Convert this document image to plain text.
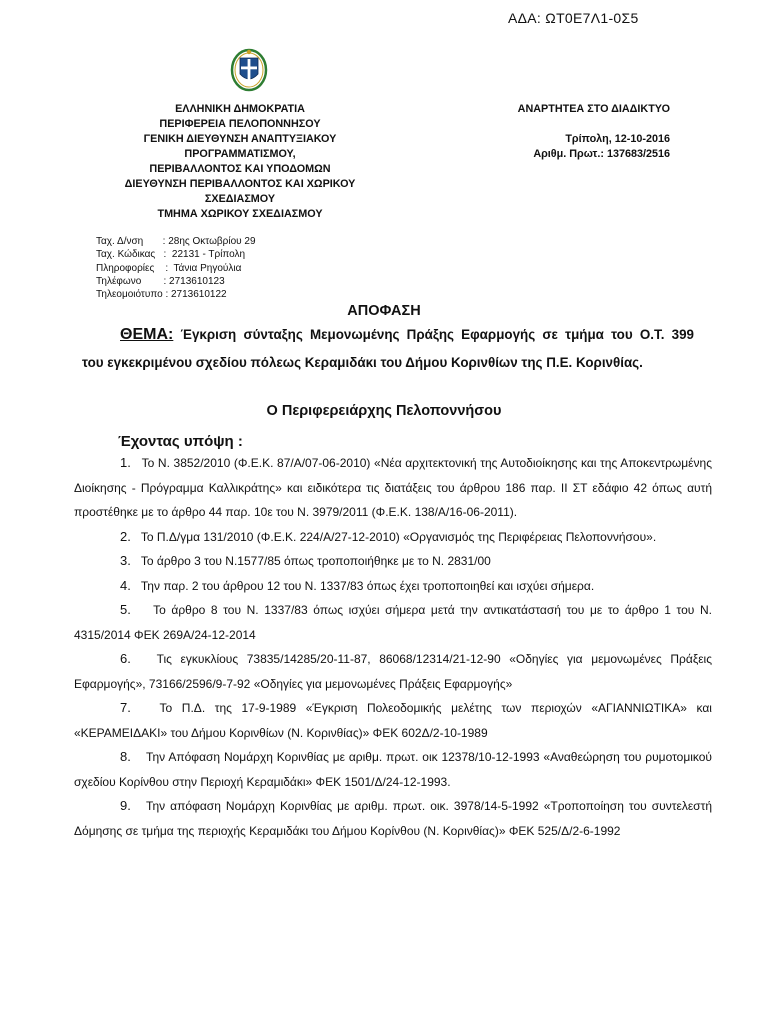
ΑΔΑ: ΩΤ0Ε7Λ1-0Σ5
ΕΛΛΗΝΙΚΗ ΔΗΜΟΚΡΑΤΙΑ
ΠΕΡΙΦΕΡΕΙΑ ΠΕΛΟΠΟΝΝΗΣΟΥ
ΓΕΝΙΚΗ ΔΙΕΥΘΥΝΣΗ ΑΝΑΠΤΥΞΙΑΚΟΥ
ΠΡΟΓΡΑΜΜΑΤΙΣΜΟΥ,
ΠΕΡΙΒΑΛΛΟΝΤΟΣ ΚΑΙ ΥΠΟΔΟΜΩΝ
ΔΙΕΥΘΥΝΣΗ ΠΕΡΙΒΑΛΛΟΝΤΟΣ ΚΑΙ ΧΩΡΙΚΟΥ
ΣΧΕΔΙΑΣΜΟΥ
ΤΜΗΜΑ ΧΩΡΙΚΟΥ ΣΧΕΔΙΑΣΜΟΥ
ΑΝΑΡΤΗΤΕΑ ΣΤΟ ΔΙΑΔΙΚΤΥΟ
Τρίπολη, 12-10-2016
Αριθμ. Πρωτ.: 137683/2516
Ταχ. Δ/νση       : 28ης Οκτωβρίου 29
Ταχ. Κώδικας   :  22131 - Τρίπολη
Πληροφορίες    :  Τάνια Ρηγούλια
Τηλέφωνο        : 2713610123
Τηλεομοιότυπο : 2713610122
ΑΠΟΦΑΣΗ
ΘΕΜΑ: Έγκριση σύνταξης Μεμονωμένης Πράξης Εφαρμογής σε τμήμα του Ο.Τ. 399
του εγκεκριμένου σχεδίου πόλεως Κεραμιδάκι του Δήμου Κορινθίων της Π.Ε. Κορινθίας.
Ο Περιφερειάρχης Πελοποννήσου
Έχοντας υπόψη :

1. Το Ν. 3852/2010 (Φ.Ε.Κ. 87/Α/07-06-2010) «Νέα αρχιτεκτονική της Αυτοδιοίκησης και της Αποκεντρωμένης Διοίκησης - Πρόγραμμα Καλλικράτης» και ειδικότερα τις διατάξεις του άρθρου 186 παρ. ΙΙ ΣΤ εδάφιο 42 όπως αυτή προστέθηκε με το άρθρο 44 παρ. 10ε του Ν. 3979/2011 (Φ.Ε.Κ. 138/Α/16-06-2011).

2. Το Π.Δ/γμα 131/2010 (Φ.Ε.Κ. 224/Α/27-12-2010) «Οργανισμός της Περιφέρειας Πελοποννήσου».

3. Το άρθρο 3 του Ν.1577/85 όπως τροποποιήθηκε με το Ν. 2831/00

4. Την παρ. 2 του άρθρου 12 του Ν. 1337/83 όπως έχει τροποποιηθεί και ισχύει σήμερα.

5.    Το άρθρο 8 του Ν. 1337/83 όπως ισχύει σήμερα μετά την αντικατάστασή του με το άρθρο 1 του Ν. 4315/2014 ΦΕΚ 269Α/24-12-2014

6. Τις εγκυκλίους 73835/14285/20-11-87, 86068/12314/21-12-90 «Οδηγίες για μεμονωμένες Πράξεις Εφαρμογής», 73166/2596/9-7-92 «Οδηγίες για μεμονωμένες Πράξεις Εφαρμογής»

7. Το Π.Δ. της 17-9-1989 «Έγκριση Πολεοδομικής μελέτης των περιοχών «ΑΓΙΑΝΝΙΩΤΙΚΑ» και «ΚΕΡΑΜΕΙΔΑΚΙ» του Δήμου Κορινθίων (Ν. Κορινθίας)» ΦΕΚ 602Δ/2-10-1989

8.    Την Απόφαση Νομάρχη Κορινθίας με αριθμ. πρωτ. οικ 12378/10-12-1993 «Αναθεώρηση του ρυμοτομικού σχεδίου Κορίνθου στην Περιοχή Κεραμιδάκι» ΦΕΚ 1501/Δ/24-12-1993.

9. Την απόφαση Νομάρχη Κορινθίας με αριθμ. πρωτ. οικ. 3978/14-5-1992 «Τροποποίηση του συντελεστή Δόμησης σε τμήμα της περιοχής Κεραμιδάκι του Δήμου Κορίνθου (Ν. Κορινθίας)» ΦΕΚ 525/Δ/2-6-1992
